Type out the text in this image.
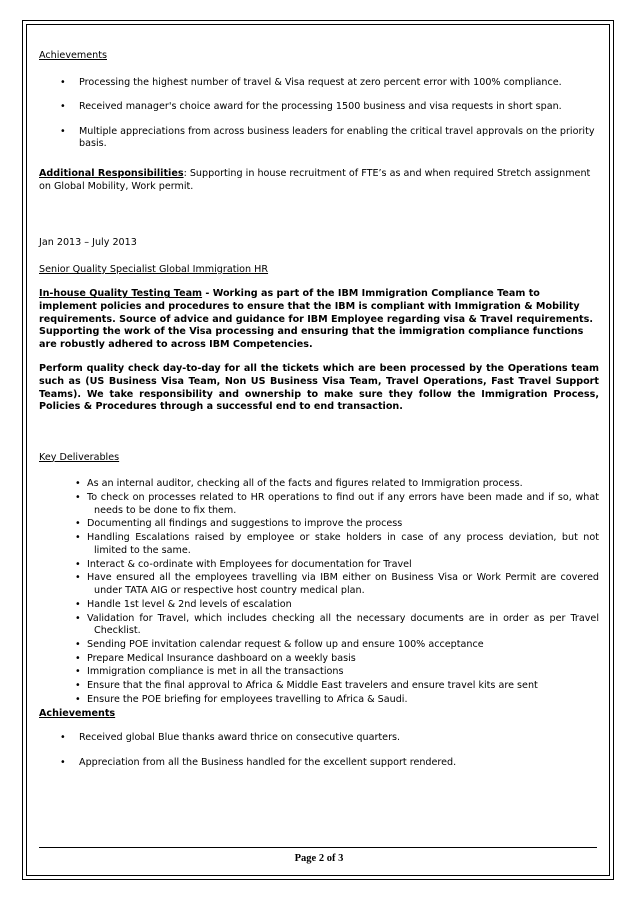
Achievements
• Processing the highest number of travel & Visa request at zero percent error with 100% compliance.
• Received manager's choice award for the processing 1500 business and visa requests in short span.
• Multiple appreciations from across business leaders for enabling the critical travel approvals on the priority basis.

Additional Responsibilities: Supporting in house recruitment of FTE’s as and when required Stretch assignment on Global Mobility, Work permit.

Jan 2013 – July 2013

Senior Quality Specialist Global Immigration HR

In-house Quality Testing Team - Working as part of the IBM Immigration Compliance Team to implement policies and procedures to ensure that the IBM is compliant with Immigration & Mobility requirements. Source of advice and guidance for IBM Employee regarding visa & Travel requirements. Supporting the work of the Visa processing and ensuring that the immigration compliance functions are robustly adhered to across IBM Competencies.

Perform quality check day-to-day for all the tickets which are been processed by the Operations team such as (US Business Visa Team, Non US Business Visa Team, Travel Operations, Fast Travel Support Teams). We take responsibility and ownership to make sure they follow the Immigration Process, Policies & Procedures through a successful end to end transaction.

Key Deliverables
• As an internal auditor, checking all of the facts and figures related to Immigration process.
• To check on processes related to HR operations to find out if any errors have been made and if so, what needs to be done to fix them.
• Documenting all findings and suggestions to improve the process
• Handling Escalations raised by employee or stake holders in case of any process deviation, but not limited to the same.
• Interact & co-ordinate with Employees for documentation for Travel
• Have ensured all the employees travelling via IBM either on Business Visa or Work Permit are covered under TATA AIG or respective host country medical plan.
• Handle 1st level & 2nd levels of escalation
• Validation for Travel, which includes checking all the necessary documents are in order as per Travel Checklist.
• Sending POE invitation calendar request & follow up and ensure 100% acceptance
• Prepare Medical Insurance dashboard on a weekly basis
• Immigration compliance is met in all the transactions
• Ensure that the final approval to Africa & Middle East travelers and ensure travel kits are sent
• Ensure the POE briefing for employees travelling to Africa & Saudi.
Achievements
• Received global Blue thanks award thrice on consecutive quarters.
• Appreciation from all the Business handled for the excellent support rendered.
Page 2 of 3
